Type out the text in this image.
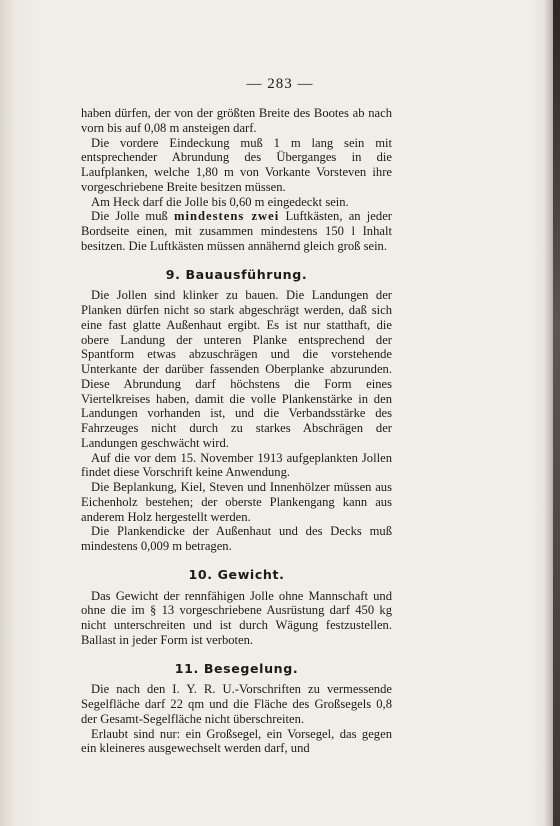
— 283 —

haben dürfen, der von der größten Breite des Bootes ab nach vorn bis auf 0,08 m ansteigen darf.

Die vordere Eindeckung muß 1 m lang sein mit entsprechender Abrundung des Überganges in die Laufplanken, welche 1,80 m von Vorkante Vorsteven ihre vorgeschriebene Breite besitzen müssen.

Am Heck darf die Jolle bis 0,60 m eingedeckt sein.

Die Jolle muß mindestens zwei Luftkästen, an jeder Bordseite einen, mit zusammen mindestens 150 l Inhalt besitzen. Die Luftkästen müssen annähernd gleich groß sein.

9. Bauausführung.

Die Jollen sind klinker zu bauen. Die Landungen der Planken dürfen nicht so stark abgeschrägt werden, daß sich eine fast glatte Außenhaut ergibt. Es ist nur statthaft, die obere Landung der unteren Planke entsprechend der Spantform etwas abzuschrägen und die vorstehende Unterkante der darüber fassenden Oberplanke abzurunden. Diese Abrundung darf höchstens die Form eines Viertelkreises haben, damit die volle Plankenstärke in den Landungen vorhanden ist, und die Verbandsstärke des Fahrzeuges nicht durch zu starkes Abschrägen der Landungen geschwächt wird.

Auf die vor dem 15. November 1913 aufgeplankten Jollen findet diese Vorschrift keine Anwendung.

Die Beplankung, Kiel, Steven und Innenhölzer müssen aus Eichenholz bestehen; der oberste Plankengang kann aus anderem Holz hergestellt werden.

Die Plankendicke der Außenhaut und des Decks muß mindestens 0,009 m betragen.

10. Gewicht.

Das Gewicht der rennfähigen Jolle ohne Mannschaft und ohne die im § 13 vorgeschriebene Ausrüstung darf 450 kg nicht unterschreiten und ist durch Wägung festzustellen. Ballast in jeder Form ist verboten.

11. Besegelung.

Die nach den I. Y. R. U.-Vorschriften zu vermessende Segelfläche darf 22 qm und die Fläche des Großsegels 0,8 der Gesamt-Segelfläche nicht überschreiten.

Erlaubt sind nur: ein Großsegel, ein Vorsegel, das gegen ein kleineres ausgewechselt werden darf, und
